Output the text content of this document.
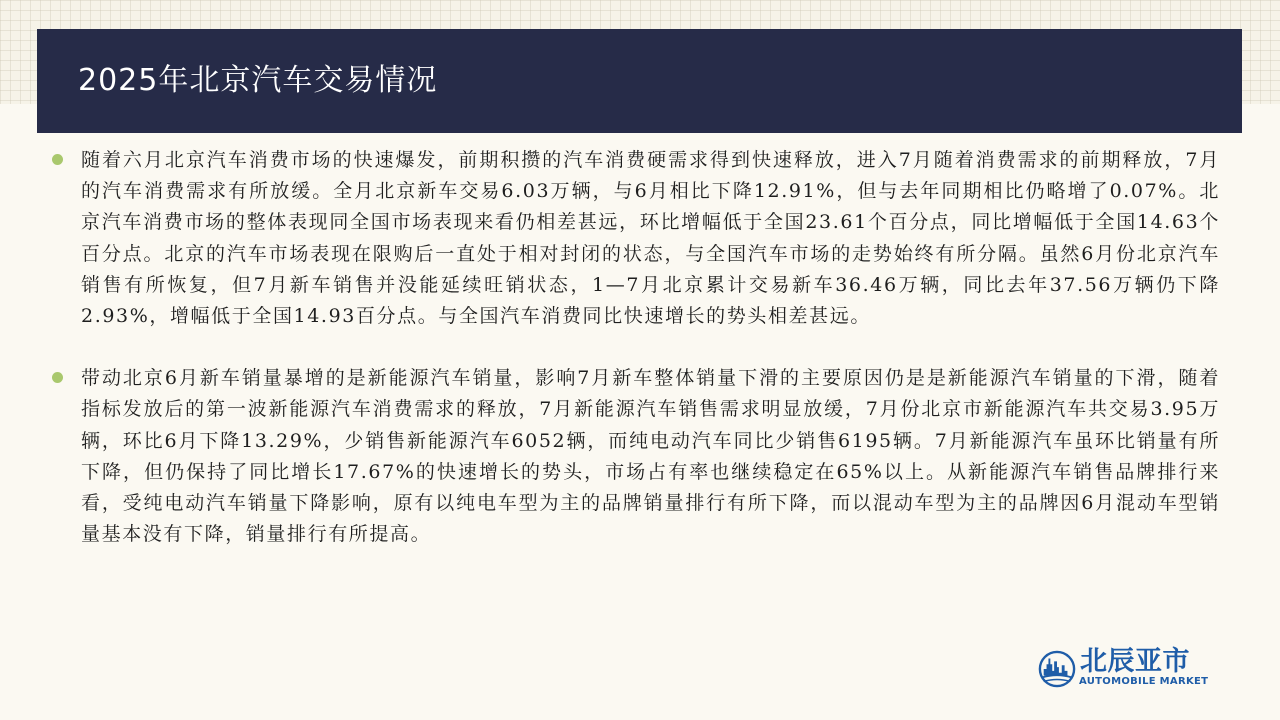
2025年北京汽车交易情况
随着六月北京汽车消费市场的快速爆发，前期积攒的汽车消费硬需求得到快速释放，进入7月随着消费需求的前期释放，7月的汽车消费需求有所放缓。全月北京新车交易6.03万辆，与6月相比下降12.91%，但与去年同期相比仍略增了0.07%。北京汽车消费市场的整体表现同全国市场表现来看仍相差甚远，环比增幅低于全国23.61个百分点，同比增幅低于全国14.63个百分点。北京的汽车市场表现在限购后一直处于相对封闭的状态，与全国汽车市场的走势始终有所分隔。虽然6月份北京汽车销售有所恢复，但7月新车销售并没能延续旺销状态，1—7月北京累计交易新车36.46万辆，同比去年37.56万辆仍下降2.93%，增幅低于全国14.93百分点。与全国汽车消费同比快速增长的势头相差甚远。
带动北京6月新车销量暴增的是新能源汽车销量，影响7月新车整体销量下滑的主要原因仍是是新能源汽车销量的下滑，随着指标发放后的第一波新能源汽车消费需求的释放，7月新能源汽车销售需求明显放缓，7月份北京市新能源汽车共交易3.95万辆，环比6月下降13.29%，少销售新能源汽车6052辆，而纯电动汽车同比少销售6195辆。7月新能源汽车虽环比销量有所下降，但仍保持了同比增长17.67%的快速增长的势头，市场占有率也继续稳定在65%以上。从新能源汽车销售品牌排行来看，受纯电动汽车销量下降影响，原有以纯电车型为主的品牌销量排行有所下降，而以混动车型为主的品牌因6月混动车型销量基本没有下降，销量排行有所提高。
北辰亚市
AUTOMOBILE MARKET
